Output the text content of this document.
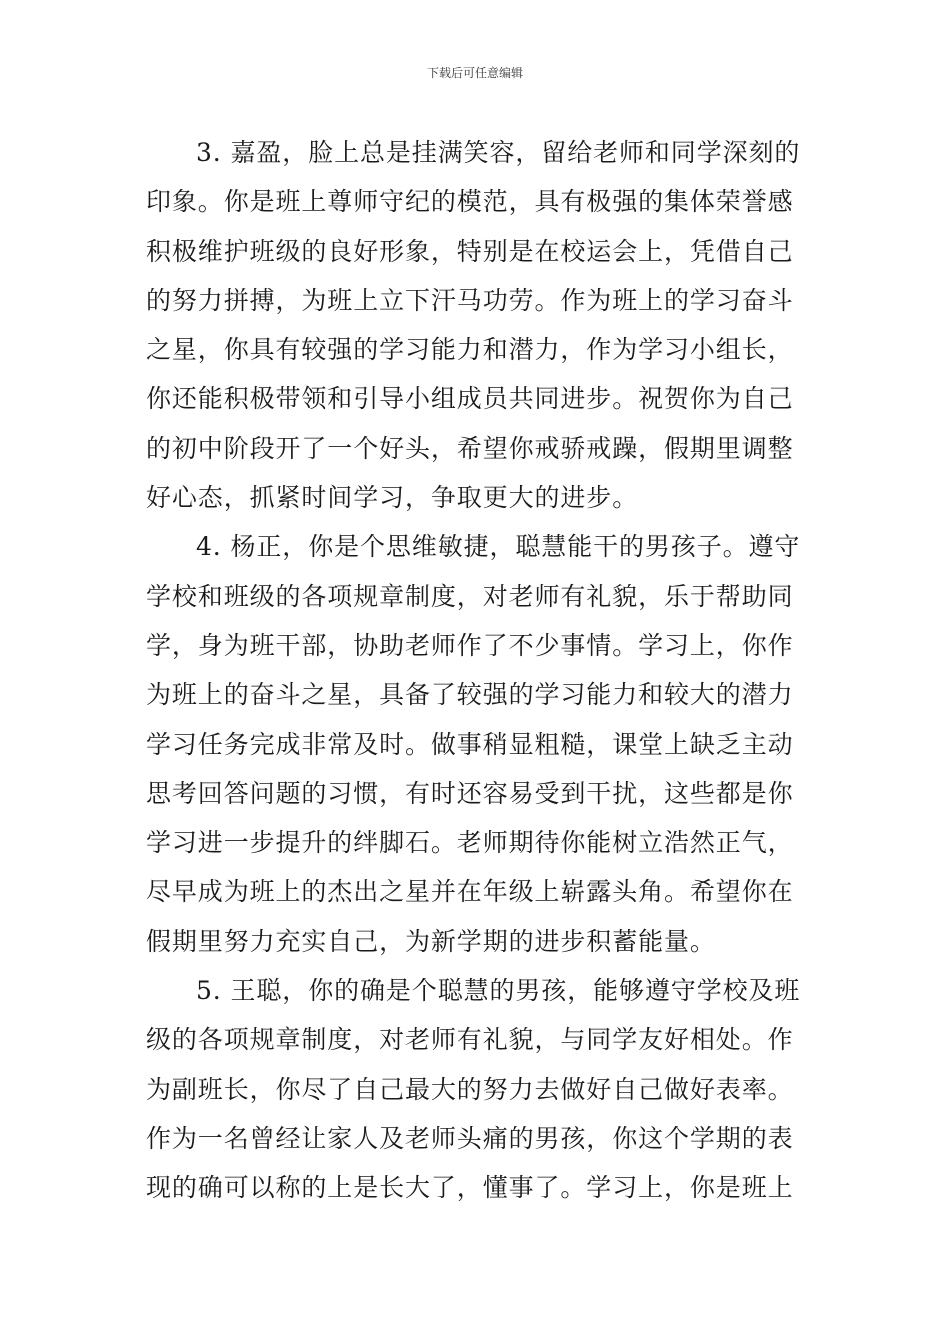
下载后可任意编辑
3. 嘉盈，脸上总是挂满笑容，留给老师和同学深刻的
印象。你是班上尊师守纪的模范，具有极强的集体荣誉感
积极维护班级的良好形象，特别是在校运会上，凭借自己
的努力拼搏，为班上立下汗马功劳。作为班上的学习奋斗
之星，你具有较强的学习能力和潜力，作为学习小组长，
你还能积极带领和引导小组成员共同进步。祝贺你为自己
的初中阶段开了一个好头，希望你戒骄戒躁，假期里调整
好心态，抓紧时间学习，争取更大的进步。
4. 杨正，你是个思维敏捷，聪慧能干的男孩子。遵守
学校和班级的各项规章制度，对老师有礼貌，乐于帮助同
学，身为班干部，协助老师作了不少事情。学习上，你作
为班上的奋斗之星，具备了较强的学习能力和较大的潜力
学习任务完成非常及时。做事稍显粗糙，课堂上缺乏主动
思考回答问题的习惯，有时还容易受到干扰，这些都是你
学习进一步提升的绊脚石。老师期待你能树立浩然正气，
尽早成为班上的杰出之星并在年级上崭露头角。希望你在
假期里努力充实自己，为新学期的进步积蓄能量。
5. 王聪，你的确是个聪慧的男孩，能够遵守学校及班
级的各项规章制度，对老师有礼貌，与同学友好相处。作
为副班长，你尽了自己最大的努力去做好自己做好表率。
作为一名曾经让家人及老师头痛的男孩，你这个学期的表
现的确可以称的上是长大了，懂事了。学习上，你是班上
